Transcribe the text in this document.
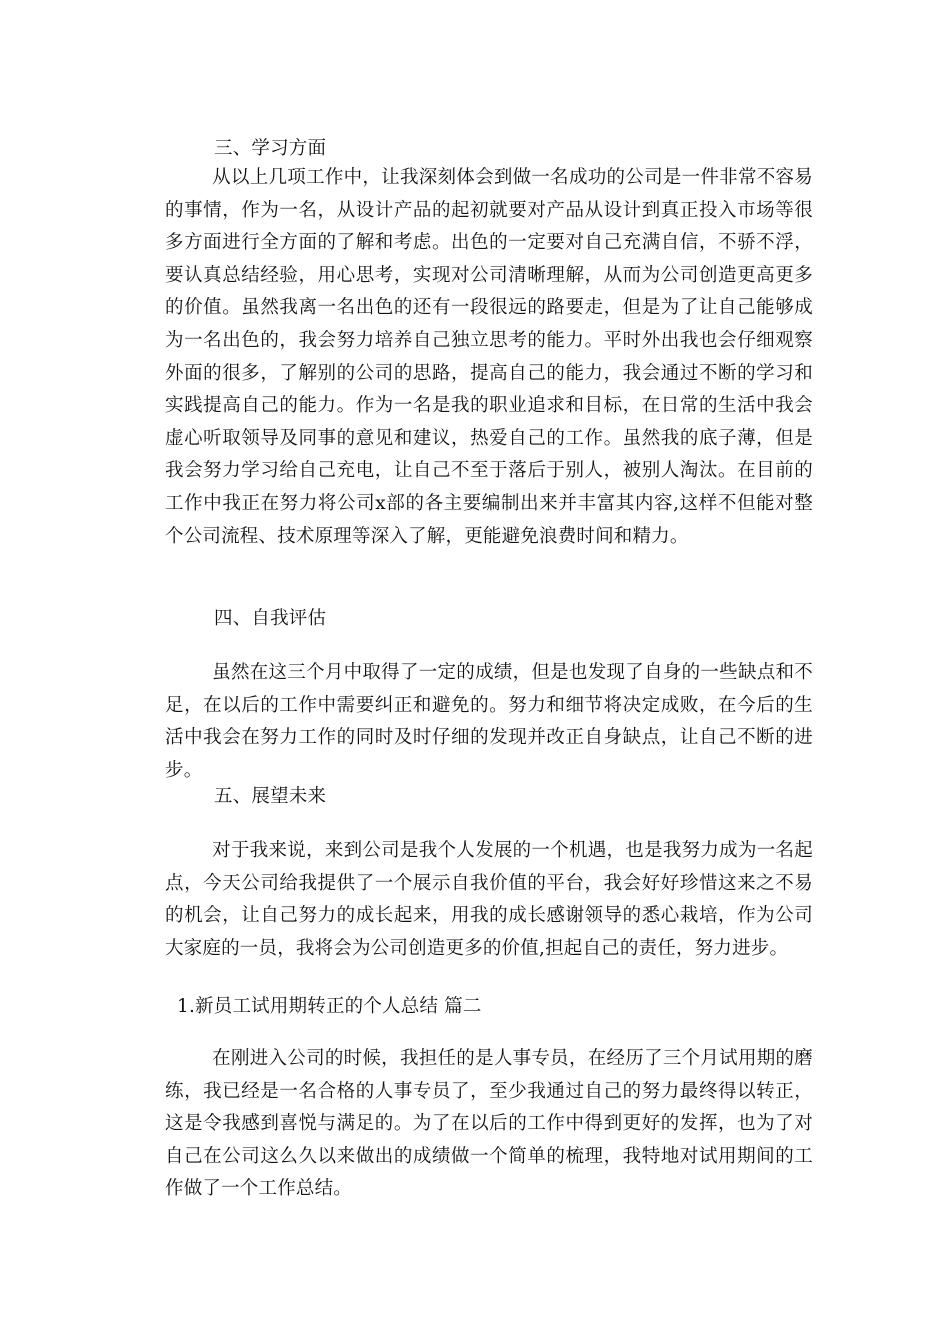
三、学习方面
从以上几项工作中，让我深刻体会到做一名成功的公司是一件非常不容易的事情，作为一名，从设计产品的起初就要对产品从设计到真正投入市场等很多方面进行全方面的了解和考虑。出色的一定要对自己充满自信，不骄不浮，要认真总结经验，用心思考，实现对公司清晰理解，从而为公司创造更高更多的价值。虽然我离一名出色的还有一段很远的路要走，但是为了让自己能够成为一名出色的，我会努力培养自己独立思考的能力。平时外出我也会仔细观察外面的很多，了解别的公司的思路，提高自己的能力，我会通过不断的学习和实践提高自己的能力。作为一名是我的职业追求和目标，在日常的生活中我会虚心听取领导及同事的意见和建议，热爱自己的工作。虽然我的底子薄，但是我会努力学习给自己充电，让自己不至于落后于别人，被别人淘汰。在目前的工作中我正在努力将公司x部的各主要编制出来并丰富其内容,这样不但能对整个公司流程、技术原理等深入了解，更能避免浪费时间和精力。
四、自我评估
虽然在这三个月中取得了一定的成绩，但是也发现了自身的一些缺点和不足，在以后的工作中需要纠正和避免的。努力和细节将决定成败，在今后的生活中我会在努力工作的同时及时仔细的发现并改正自身缺点，让自己不断的进步。
五、展望未来
对于我来说，来到公司是我个人发展的一个机遇，也是我努力成为一名起点，今天公司给我提供了一个展示自我价值的平台，我会好好珍惜这来之不易的机会，让自己努力的成长起来，用我的成长感谢领导的悉心栽培，作为公司大家庭的一员，我将会为公司创造更多的价值,担起自己的责任，努力进步。
1.新员工试用期转正的个人总结 篇二
在刚进入公司的时候，我担任的是人事专员，在经历了三个月试用期的磨练，我已经是一名合格的人事专员了，至少我通过自己的努力最终得以转正，这是令我感到喜悦与满足的。为了在以后的工作中得到更好的发挥，也为了对自己在公司这么久以来做出的成绩做一个简单的梳理，我特地对试用期间的工作做了一个工作总结。
